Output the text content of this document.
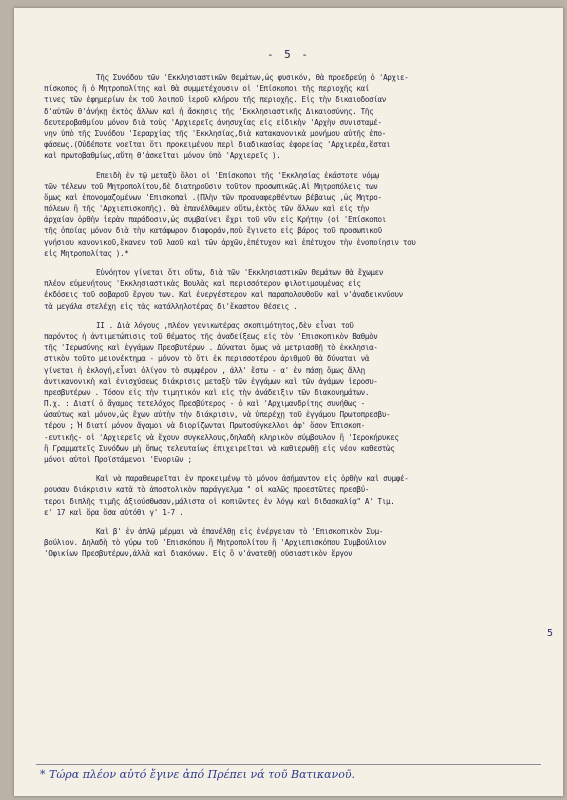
- 5 -
Τῆς Συνόδου τῶν 'Εκκλησιαστικῶν Θεμάτων,ὡς φυσικόν, θὰ προεδρεύῃ ὁ 'Αρχιε-
πίσκοπος ἢ ὁ Μητροπολίτης καὶ θὰ συμμετέχουσιν οἱ 'Επίσκοποι τῆς περιοχῆς καί
τινες τῶν ἐφημερίων ἐκ τοῦ λοιποῦ ἱεροῦ κλήρου τῆς περιοχῆς. Εἰς τὴν δικαιοδοσίαν
δ'αὐτῶν θ'ἀνήκῃ ἐκτὸς ἄλλων καὶ ἡ ἄσκησις τῆς 'Εκκλησιαστικῆς Δικαιοσύνης. Τῆς
δευτεροβαθμίου μόνον διὰ τοὺς 'Αρχιερεῖς ἀνησυχίας εἰς εἰδικὴν 'Αρχὴν συνισταμέ-
νην ὑπὸ τῆς Συνόδου 'Ιεραρχίας τῆς 'Εκκλησίας,διὰ κατακανονικὰ μονήμου αὐτῆς ἐπο-
φάσεως.(Οὐδέποτε νοεῖται ὅτι προκειμένου περὶ διαδικασίας ἐφορείας 'Αρχιερέα,ἔσται
καὶ πρωτοβαθμίως,αὕτη θ'ἀσκεῖται μόνον ὑπὸ 'Αρχιερεῖς ).
Επειδὴ ἐν τῷ μεταξὺ ὅλοι οἱ 'Επίσκοποι τῆς 'Εκκλησίας ἐκάστοτε νόμῳ
τῶν τέλεων τοῦ Μητροπολίτου,δὲ διατηροῦσιν τοῦτον προσωπικῶς.Αἱ Μητροπόλεις των
ὅμως καὶ ἐπονομαζομένων 'Επισκοπαὶ .(Πλὴν τῶν προαναφερθέντων βέβαιως ,ὡς Μητρο-
πόλεων ἢ τῆς 'Αρχιεπισκοπῆς). θὰ ἐπανέλθωμεν οὕτω,ἐκτὸς τῶν ἄλλων καὶ εἰς τὴν
ἀρχαίαν ὀρθὴν ἱερὰν παράδοσιν,ὡς συμβαίνει ἔχρι τοῦ νῦν εἰς Κρήτην (οἱ 'Επίσκοποι
τῆς ὁποίας μόνον διὰ τὴν κατάφωρον διαφοράν,ποὺ ἔγινετο εἰς βάρος τοῦ προσωπικοῦ
γνήσιου κανονικοῦ,ἔκανεν τοῦ λαοῦ καὶ τῶν ἀρχῶν,ἐπέτυχον καὶ ἐπέτυχον τὴν ἐνοποίησιν του
εἰς Μητροπολίτας ).*
Εὐνόητον γίνεται ὅτι οὕτω, διὰ τῶν 'Εκκλησιαστικῶν Θεμάτων θὰ ἔχωμεν
πλέον εὐμενήτους 'Εκκλησιαστικὰς Βουλὰς καὶ περισσότερον φιλοτιμουμένας εἰς
ἐκδόσεις τοῦ σοβαροῦ ἔργου των. Καὶ ἐνεργέστερον καὶ παραπολουθοῦν καὶ ν'ἀναδεικνύουν
τὰ μεγάλα στελέχη εἰς τὰς κατάλληλοτέρας δι'ἕκαστον θέσεις .
ΙΙ . Διὰ λόγους ,πλέον γενικωτέρας σκοπιμότητος,δὲν εἶναι τοῦ
παρόντος ἡ ἀντιμετώπισις τοῦ θέματος τῆς ἀναδείξεως εἰς τὸν 'Επισκοπικὸν Βαθμὸν
τῆς 'Ιερωσύνης καὶ ἐγγάμων Πρεσβυτέρων . Δύναται ὅμως νὰ μετριασθῇ τὸ ἐκκλησια-
στικὸν τοῦτο μειονέκτημα - μόνον τὸ ὅτι ἐκ περισσοτέρου ἀριθμοῦ θὰ δύναται νὰ
γίνεται ἡ ἐκλογή,εἶναι ὀλίγον τὸ συμφέρον , ἀλλ' ἔστω - α' ἐν πάσῃ ὅμως ἄλλῃ
ἀντικανονικὴ καὶ ἐνισχύσεως διάκρισις μεταξὺ τῶν ἐγγάμων καὶ τῶν ἀγάμων ἱεροσυ-
πρεσβυτέρων . Τόσον εἰς τὴν τιμητικόν καὶ εἰς τὴν ἀνάδειξιν τῶν διακονημάτων.
Π.χ. : Διατί ὁ ἄγαμος τετελόχος Πρεσβύτερος - ὁ καὶ 'Αρχιμανδρίτης συνήθως -
ὡσαύτως καὶ μόνον,ὡς ἔχων αὐτὴν τὴν διάκρισιν, νὰ ὑπερέχῃ τοῦ ἐγγάμου Πρωτοπρεσβυ-
τέρου ; Ἡ διατί μόνον ἄγαμοι νὰ διορίζωνται Πρωτοσύγκελλοι ἀφ' ὅσον Ἐπισκοπ-
-ευτικῆς- οἱ 'Αρχιερεῖς νὰ ἔχουν συγκελλους,δηλαδὴ κληρικὸν σύμβουλον ἢ 'Ιεροκήρυκες
ἢ Γραμματεῖς Συνόδων μὴ ὅπως τελευταίως ἐπιχειρεῖται νὰ καθιερωθῇ εἰς νέον καθεστὼς
μόνοι αὐτοὶ Προϊστάμενοι 'Ενοριῶν ;
Καὶ νὰ παραθεωρεῖται ἐν προκειμένῳ τὸ μόνον ἀσήμαντον εἰς ὀρθὴν καὶ συμφέ-
ρουσαν διάκρισιν κατὰ τὸ ἀποστολικὸν παράγγελμα " οἱ καλῶς προεστῶτες πρεσβύ-
τεροι διπλῆς τιμῆς ἀξιούσθωσαν,μάλιστα οἱ κοπιῶντες ἐν λόγῳ καὶ διδασκαλίᾳ" Α' Τιμ.
ε' 17 καὶ ὅρα ὅσα αὐτόθι γ' 1-7 .
Καὶ β' ἐν ἁπλῷ μέρμαι νὰ ἐπανέλθῃ εἰς ἐνέργειαν τὸ 'Επισκοπικὸν Συμ-
βούλιον. Δηλαδὴ τὸ γύρω τοῦ 'Επισκόπου ἢ Μητροπολίτου ἢ 'Αρχιεπισκόπου Συμβούλιον
'Οφικίων Πρεσβυτέρων,ἀλλὰ καὶ διακόνων. Εἰς ὃ ν'ἀνατεθῇ οὐσιαστικὸν ἔργον
5
* Τώρα πλέον αὐτό ἔγινε ἀπό Πρέπει νά τοῦ Βατικανοῦ.
